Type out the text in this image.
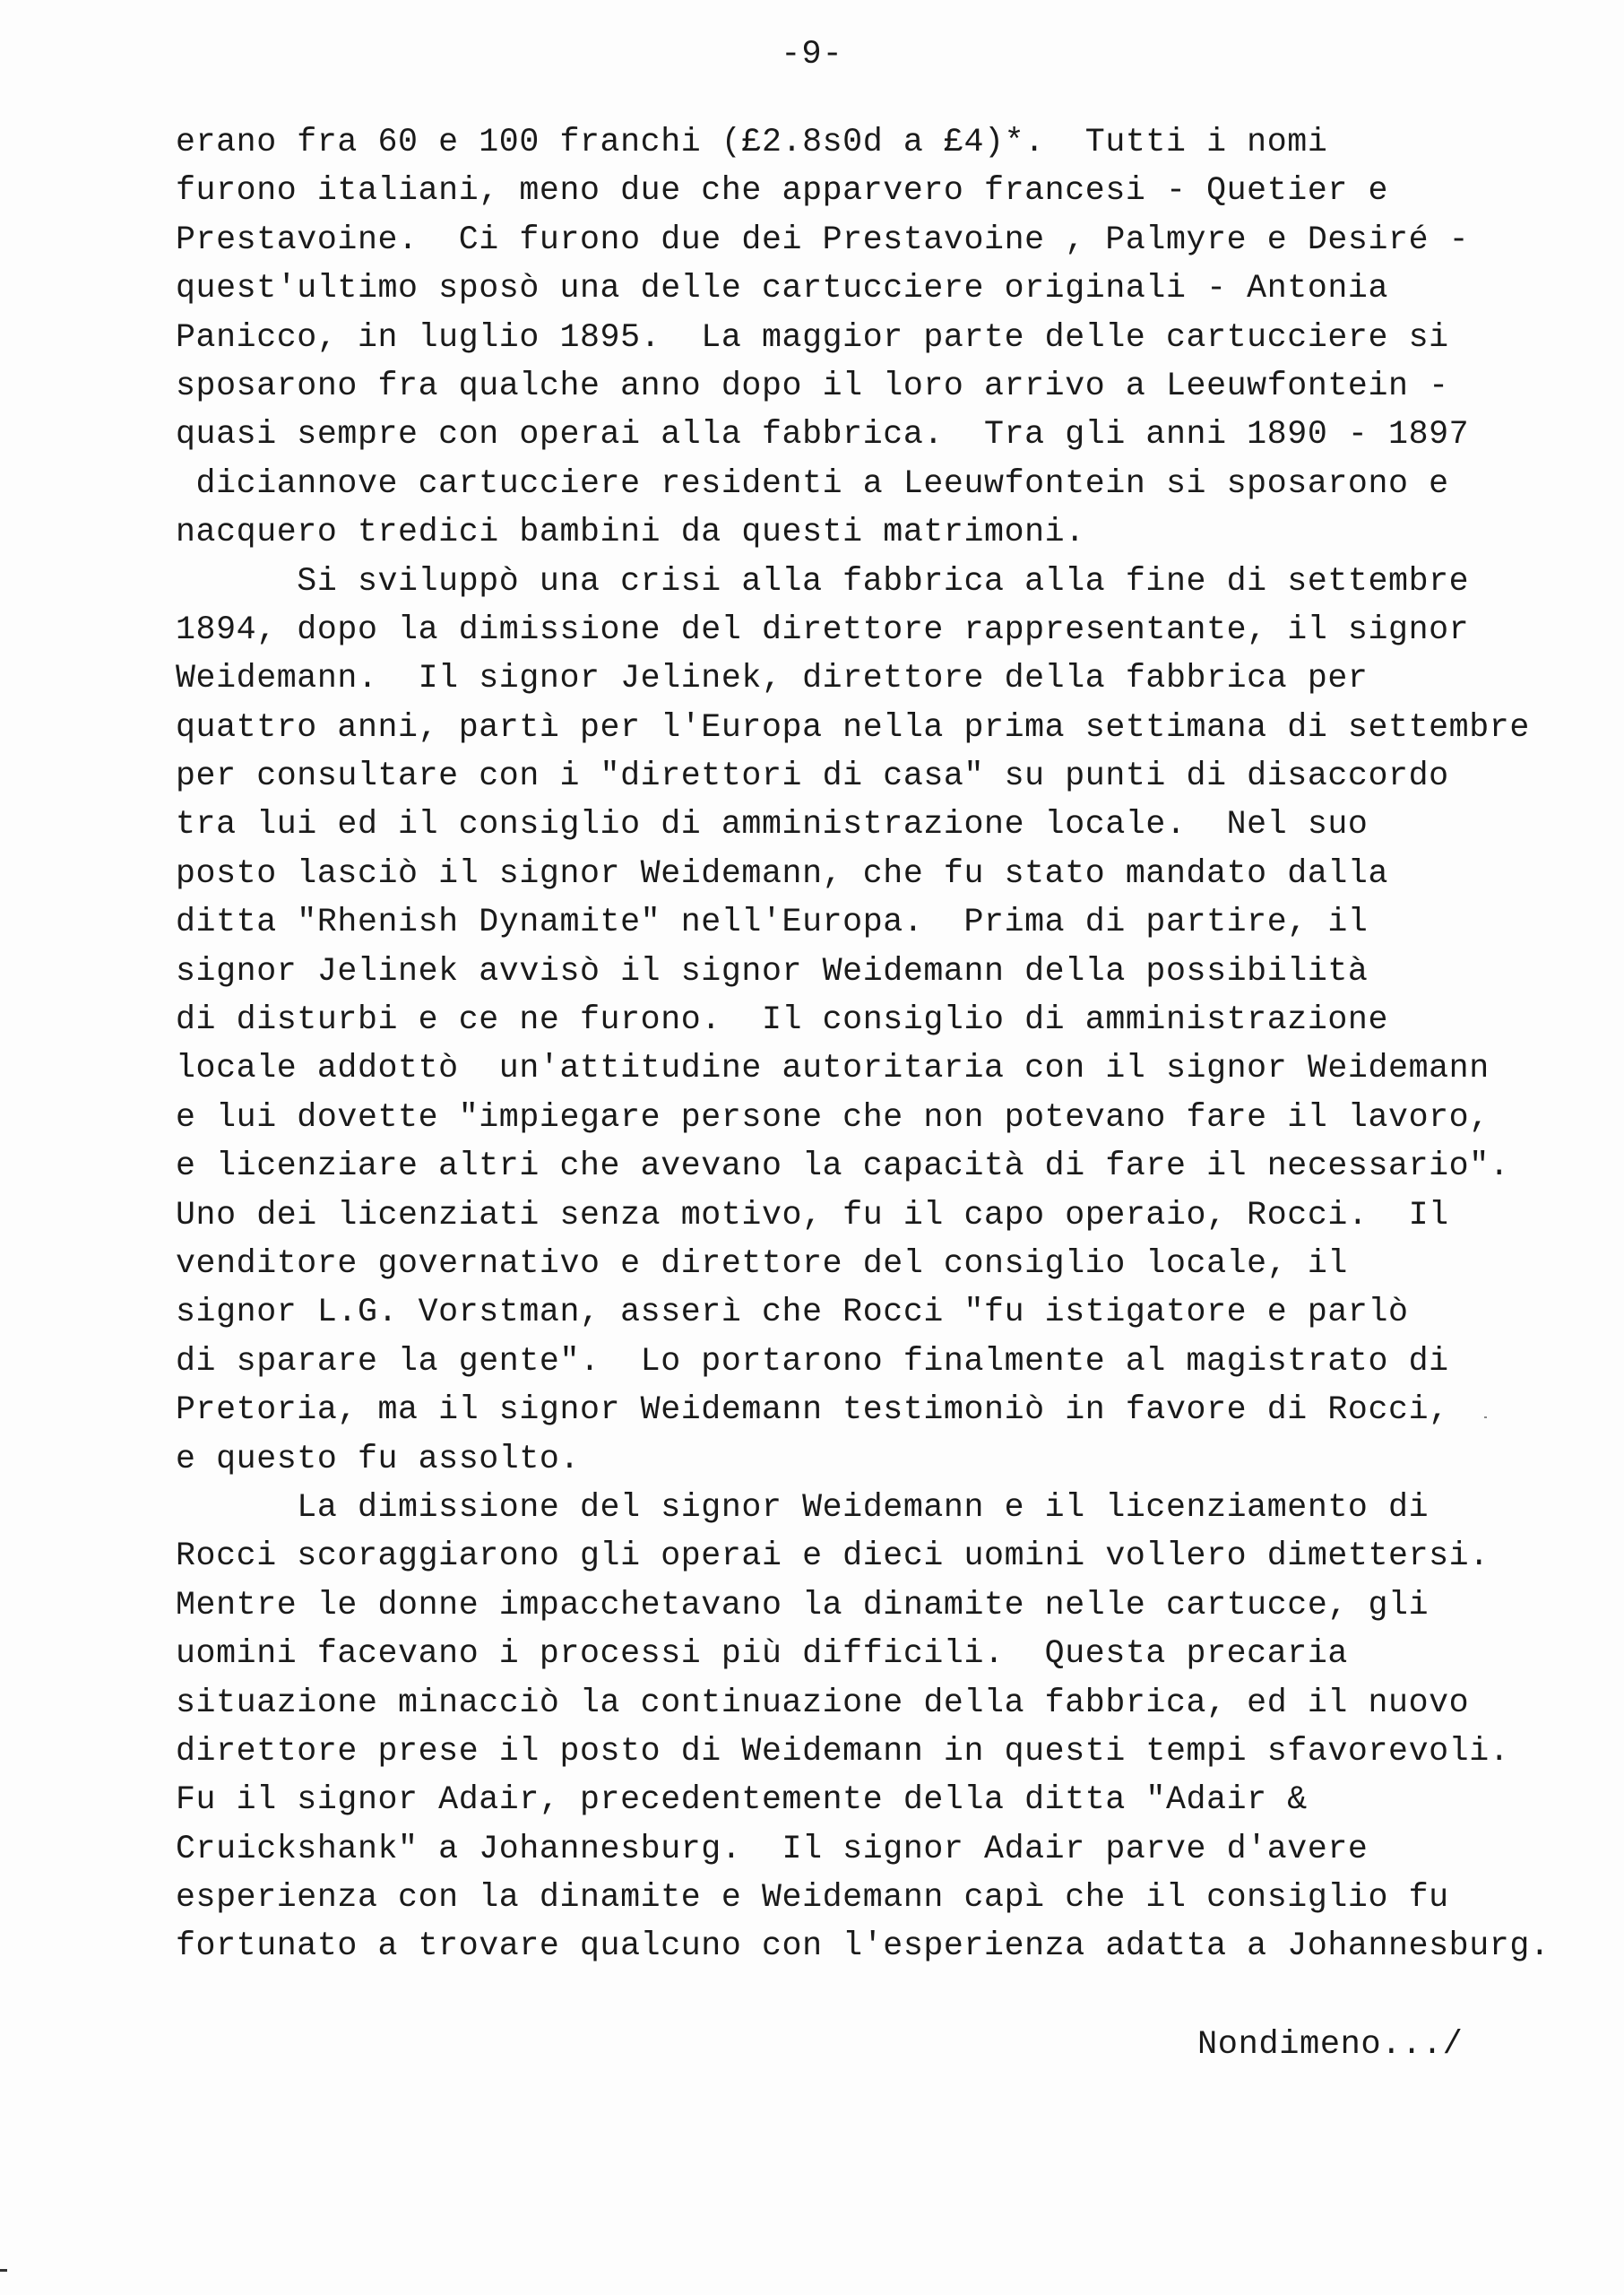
-9-
erano fra 60 e 100 franchi (£2.8s0d a £4)*.  Tutti i nomi
furono italiani, meno due che apparvero francesi - Quetier e
Prestavoine.  Ci furono due dei Prestavoine , Palmyre e Desiré -
quest'ultimo sposò una delle cartucciere originali - Antonia
Panicco, in luglio 1895.  La maggior parte delle cartucciere si
sposarono fra qualche anno dopo il loro arrivo a Leeuwfontein -
quasi sempre con operai alla fabbrica.  Tra gli anni 1890 - 1897
diciannove cartucciere residenti a Leeuwfontein si sposarono e
nacquero tredici bambini da questi matrimoni.
Si sviluppò una crisi alla fabbrica alla fine di settembre
1894, dopo la dimissione del direttore rappresentante, il signor
Weidemann.  Il signor Jelinek, direttore della fabbrica per
quattro anni, partì per l'Europa nella prima settimana di settembre
per consultare con i "direttori di casa" su punti di disaccordo
tra lui ed il consiglio di amministrazione locale.  Nel suo
posto lasciò il signor Weidemann, che fu stato mandato dalla
ditta "Rhenish Dynamite" nell'Europa.  Prima di partire, il
signor Jelinek avvisò il signor Weidemann della possibilità
di disturbi e ce ne furono.  Il consiglio di amministrazione
locale addottò  un'attitudine autoritaria con il signor Weidemann
e lui dovette "impiegare persone che non potevano fare il lavoro,
e licenziare altri che avevano la capacità di fare il necessario".
Uno dei licenziati senza motivo, fu il capo operaio, Rocci.  Il
venditore governativo e direttore del consiglio locale, il
signor L.G. Vorstman, asserì che Rocci "fu istigatore e parlò
di sparare la gente".  Lo portarono finalmente al magistrato di
Pretoria, ma il signor Weidemann testimoniò in favore di Rocci,
e questo fu assolto.
La dimissione del signor Weidemann e il licenziamento di
Rocci scoraggiarono gli operai e dieci uomini vollero dimettersi.
Mentre le donne impacchetavano la dinamite nelle cartucce, gli
uomini facevano i processi più difficili.  Questa precaria
situazione minacciò la continuazione della fabbrica, ed il nuovo
direttore prese il posto di Weidemann in questi tempi sfavorevoli.
Fu il signor Adair, precedentemente della ditta "Adair &
Cruickshank" a Johannesburg.  Il signor Adair parve d'avere
esperienza con la dinamite e Weidemann capì che il consiglio fu
fortunato a trovare qualcuno con l'esperienza adatta a Johannesburg.
Nondimeno.../
